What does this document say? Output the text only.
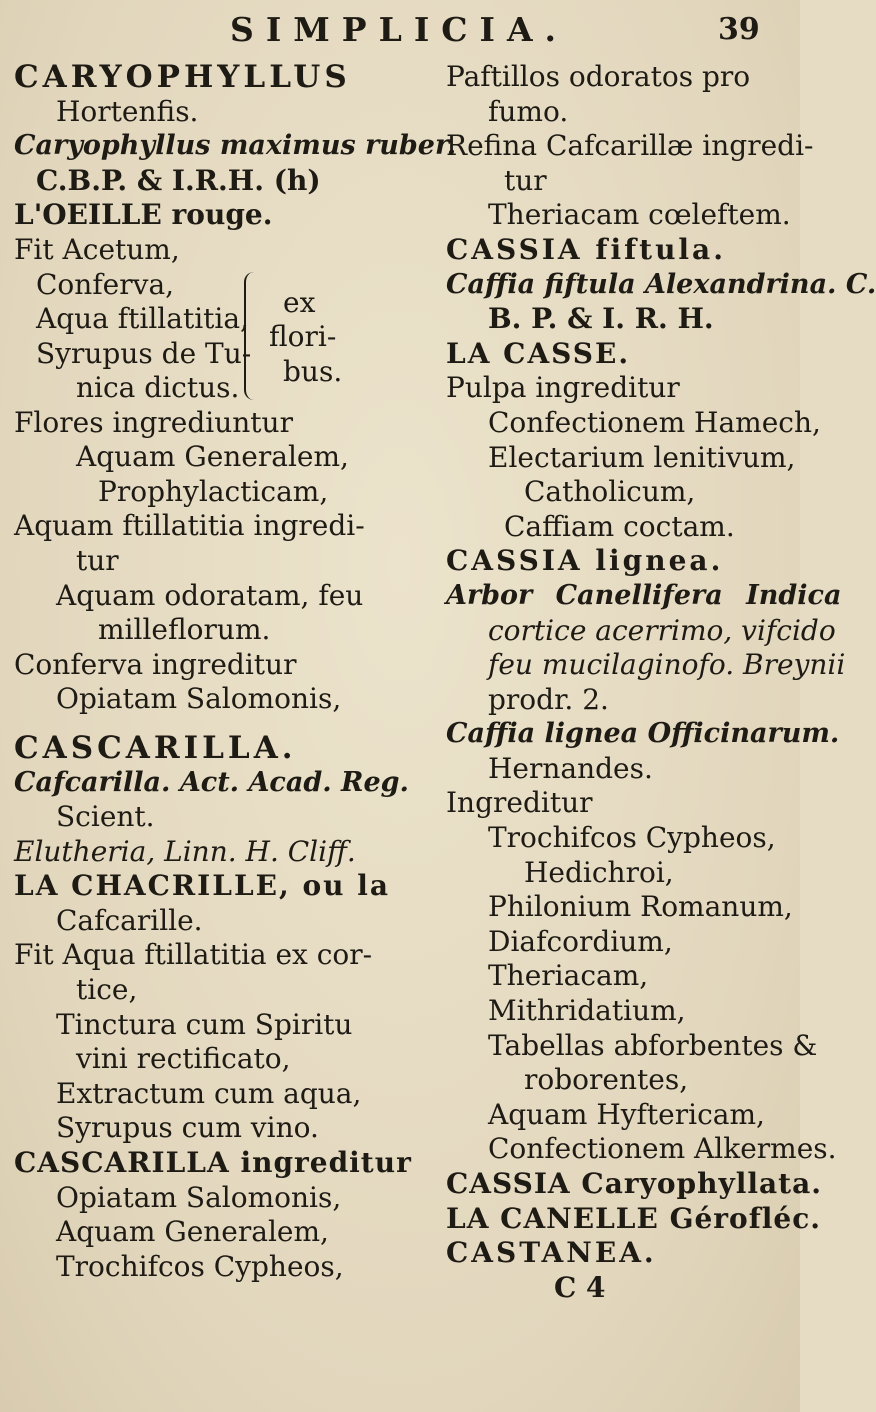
SIMPLICIA.	39
CARYOPHYLLUS
Hortenfis.
Caryophyllus maximus ruber.
C.B.P. & I.R.H. (h)
L'OEILLE rouge.
Fit Acetum,
Conferva,
Aqua ftillatitia,
Syrupus de Tu-
nica dictus.
ex
flori-
bus.
Flores ingrediuntur
Aquam Generalem,
Prophylacticam,
Aquam ftillatitia ingredi-
tur
Aquam odoratam, feu
milleflorum.
Conferva ingreditur
Opiatam Salomonis,
CASCARILLA.
Cafcarilla. Act. Acad. Reg.
Scient.
Elutheria, Linn. H. Cliff.
LA CHACRILLE, ou la
Cafcarille.
Fit Aqua ftillatitia ex cor-
tice,
Tinctura cum Spiritu
vini rectificato,
Extractum cum aqua,
Syrupus cum vino.
CASCARILLA ingreditur
Opiatam Salomonis,
Aquam Generalem,
Trochifcos Cypheos,
Paftillos odoratos pro
fumo.
Refina Cafcarillæ ingredi-
tur
Theriacam cœleftem.
CASSIA fiftula.
Caffia fiftula Alexandrina. C.
B. P. & I. R. H.
LA CASSE.
Pulpa ingreditur
Confectionem Hamech,
Electarium lenitivum,
Catholicum,
Caffiam coctam.
CASSIA lignea.
Arbor Canellifera Indica
cortice acerrimo, vifcido
feu mucilaginofo. Breynii
prodr. 2.
Caffia lignea Officinarum.
Hernandes.
Ingreditur
Trochifcos Cypheos,
Hedichroi,
Philonium Romanum,
Diafcordium,
Theriacam,
Mithridatium,
Tabellas abforbentes &
roborentes,
Aquam Hyftericam,
Confectionem Alkermes.
CASSIA Caryophyllata.
LA CANELLE Gérofléc.
CASTANEA.
C 4
